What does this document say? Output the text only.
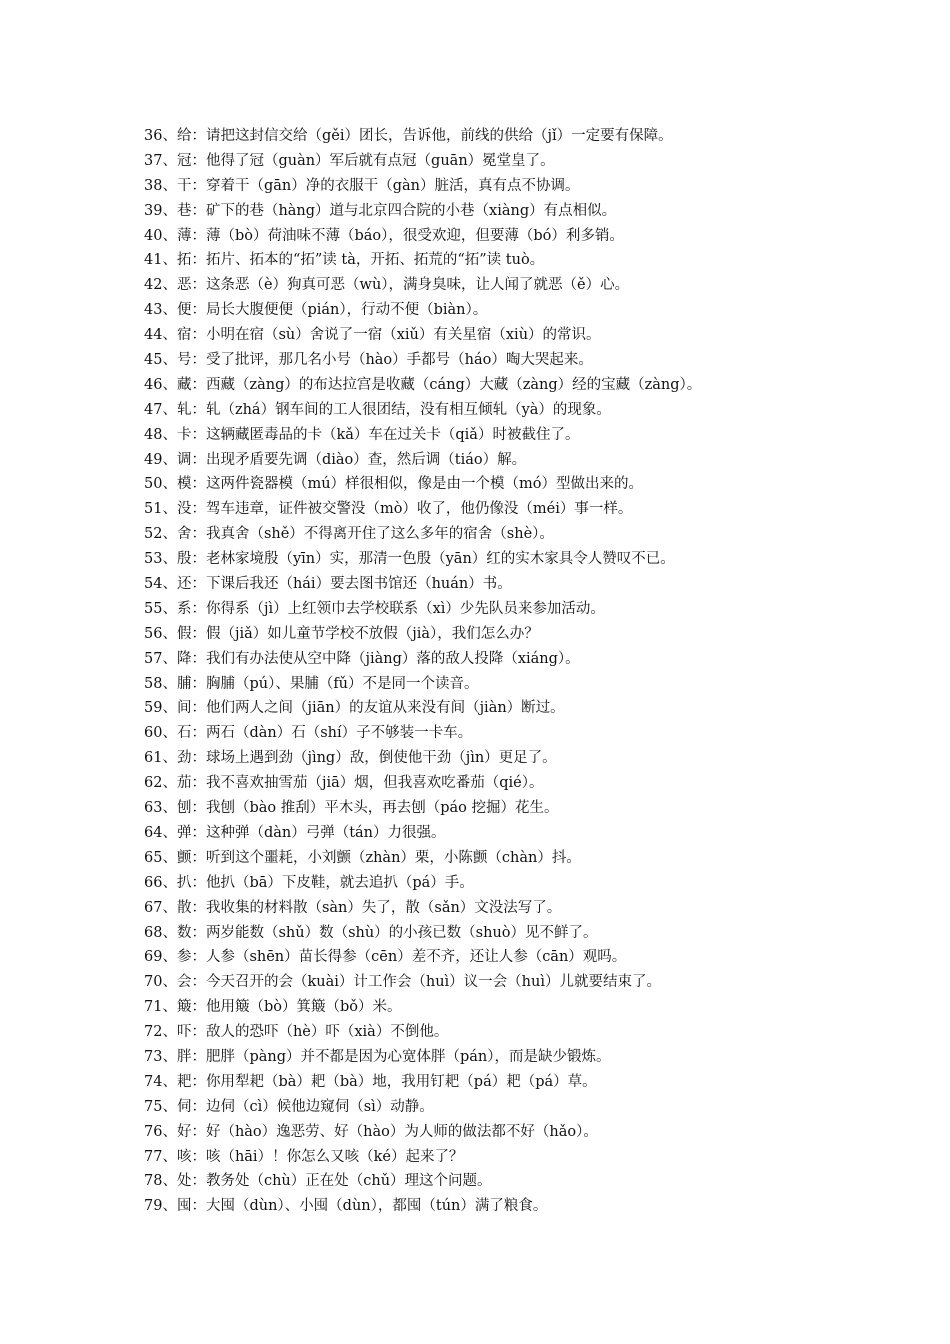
36、给：请把这封信交给（gěi）团长，告诉他，前线的供给（jǐ）一定要有保障。
37、冠：他得了冠（guàn）军后就有点冠（guān）冕堂皇了。
38、干：穿着干（gān）净的衣服干（gàn）脏活，真有点不协调。
39、巷：矿下的巷（hàng）道与北京四合院的小巷（xiàng）有点相似。
40、薄：薄（bò）荷油味不薄（báo），很受欢迎，但要薄（bó）利多销。
41、拓：拓片、拓本的“拓”读 tà，开拓、拓荒的“拓”读 tuò。
42、恶：这条恶（è）狗真可恶（wù），满身臭味，让人闻了就恶（ě）心。
43、便：局长大腹便便（pián），行动不便（biàn）。
44、宿：小明在宿（sù）舍说了一宿（xiǔ）有关星宿（xiù）的常识。
45、号：受了批评，那几名小号（hào）手都号（háo）啕大哭起来。
46、藏：西藏（zàng）的布达拉宫是收藏（cáng）大藏（zàng）经的宝藏（zàng）。
47、轧：轧（zhá）钢车间的工人很团结，没有相互倾轧（yà）的现象。
48、卡：这辆藏匿毒品的卡（kǎ）车在过关卡（qiǎ）时被截住了。
49、调：出现矛盾要先调（diào）查，然后调（tiáo）解。
50、模：这两件瓷器模（mú）样很相似，像是由一个模（mó）型做出来的。
51、没：驾车违章，证件被交警没（mò）收了，他仍像没（méi）事一样。
52、舍：我真舍（shě）不得离开住了这么多年的宿舍（shè）。
53、殷：老林家境殷（yīn）实，那清一色殷（yān）红的实木家具令人赞叹不已。
54、还：下课后我还（hái）要去图书馆还（huán）书。
55、系：你得系（jì）上红领巾去学校联系（xì）少先队员来参加活动。
56、假：假（jiǎ）如儿童节学校不放假（jià），我们怎么办？
57、降：我们有办法使从空中降（jiàng）落的敌人投降（xiáng）。
58、脯：胸脯（pú）、果脯（fǔ）不是同一个读音。
59、间：他们两人之间（jiān）的友谊从来没有间（jiàn）断过。
60、石：两石（dàn）石（shí）子不够装一卡车。
61、劲：球场上遇到劲（jìng）敌，倒使他干劲（jìn）更足了。
62、茄：我不喜欢抽雪茄（jiā）烟，但我喜欢吃番茄（qié）。
63、刨：我刨（bào 推刮）平木头，再去刨（páo 挖掘）花生。
64、弹：这种弹（dàn）弓弹（tán）力很强。
65、颤：听到这个噩耗，小刘颤（zhàn）栗，小陈颤（chàn）抖。
66、扒：他扒（bā）下皮鞋，就去追扒（pá）手。
67、散：我收集的材料散（sàn）失了，散（sǎn）文没法写了。
68、数：两岁能数（shǔ）数（shù）的小孩已数（shuò）见不鲜了。
69、参：人参（shēn）苗长得参（cēn）差不齐，还让人参（cān）观吗。
70、会：今天召开的会（kuài）计工作会（huì）议一会（huì）儿就要结束了。
71、簸：他用簸（bò）箕簸（bǒ）米。
72、吓：敌人的恐吓（hè）吓（xià）不倒他。
73、胖：肥胖（pàng）并不都是因为心宽体胖（pán），而是缺少锻炼。
74、耙：你用犁耙（bà）耙（bà）地，我用钉耙（pá）耙（pá）草。
75、伺：边伺（cì）候他边窥伺（sì）动静。
76、好：好（hào）逸恶劳、好（hào）为人师的做法都不好（hǎo）。
77、咳：咳（hāi）！你怎么又咳（ké）起来了？
78、处：教务处（chù）正在处（chǔ）理这个问题。
79、囤：大囤（dùn）、小囤（dùn），都囤（tún）满了粮食。
